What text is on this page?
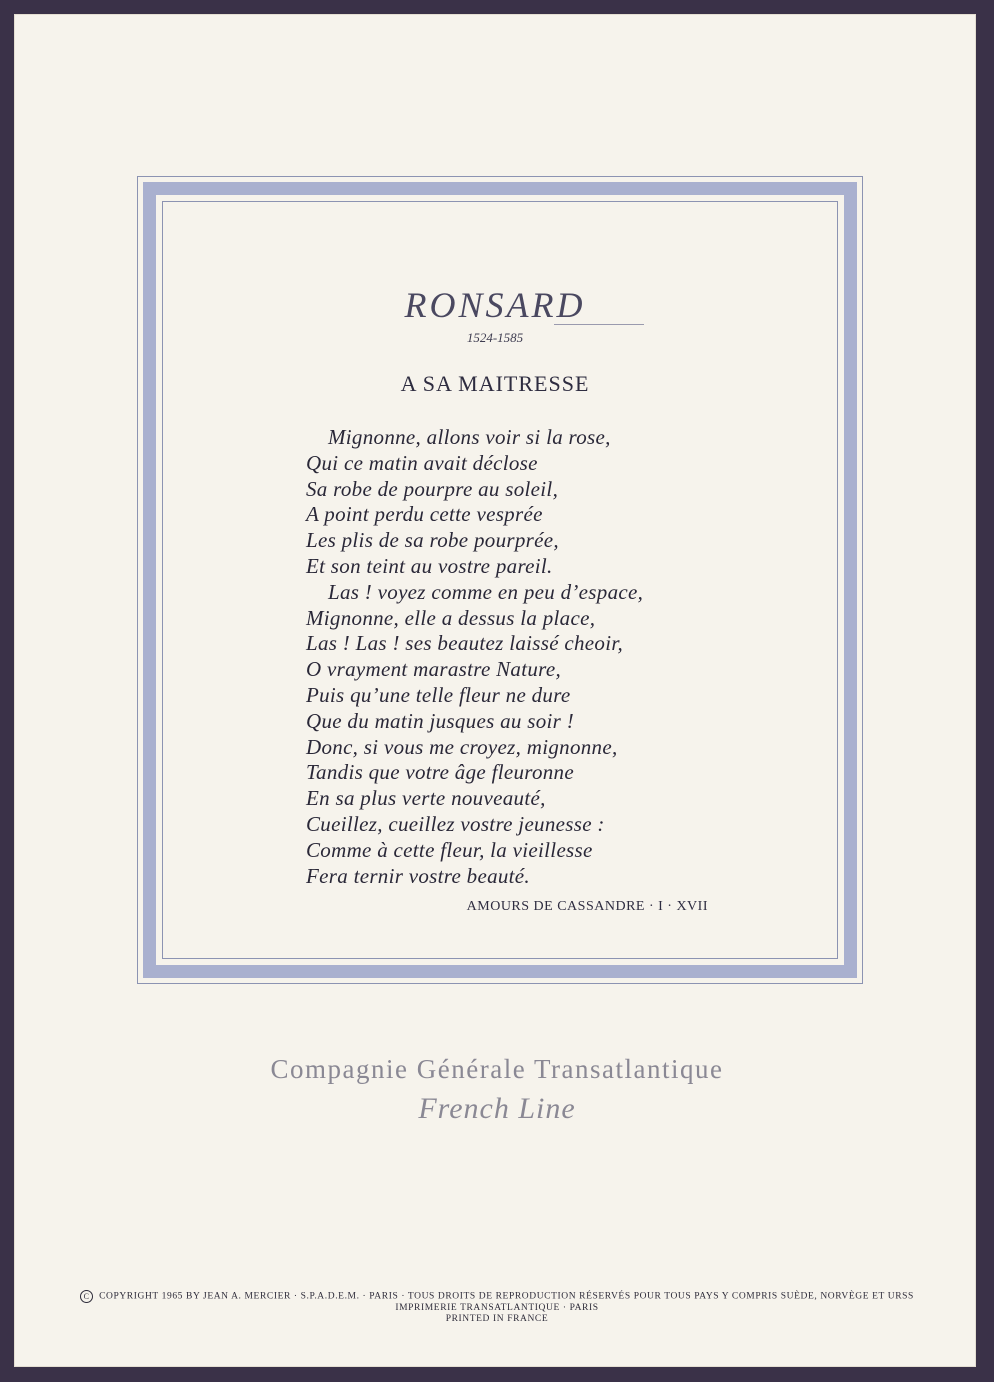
RONSARD
1524-1585
A SA MAITRESSE
Mignonne, allons voir si la rose,
Qui ce matin avait déclose
Sa robe de pourpre au soleil,
A point perdu cette vesprée
Les plis de sa robe pourprée,
Et son teint au vostre pareil.
Las ! voyez comme en peu d’espace,
Mignonne, elle a dessus la place,
Las ! Las ! ses beautez laissé cheoir,
O vrayment marastre Nature,
Puis qu’une telle fleur ne dure
Que du matin jusques au soir !
Donc, si vous me croyez, mignonne,
Tandis que votre âge fleuronne
En sa plus verte nouveauté,
Cueillez, cueillez vostre jeunesse :
Comme à cette fleur, la vieillesse
Fera ternir vostre beauté.
AMOURS DE CASSANDRE · I · XVII
Compagnie Générale Transatlantique
French Line
C COPYRIGHT 1965 BY JEAN A. MERCIER · S.P.A.D.E.M. · PARIS · TOUS DROITS DE REPRODUCTION RÉSERVÉS POUR TOUS PAYS Y COMPRIS SUÈDE, NORVÈGE ET URSS
IMPRIMERIE TRANSATLANTIQUE · PARIS
PRINTED IN FRANCE
